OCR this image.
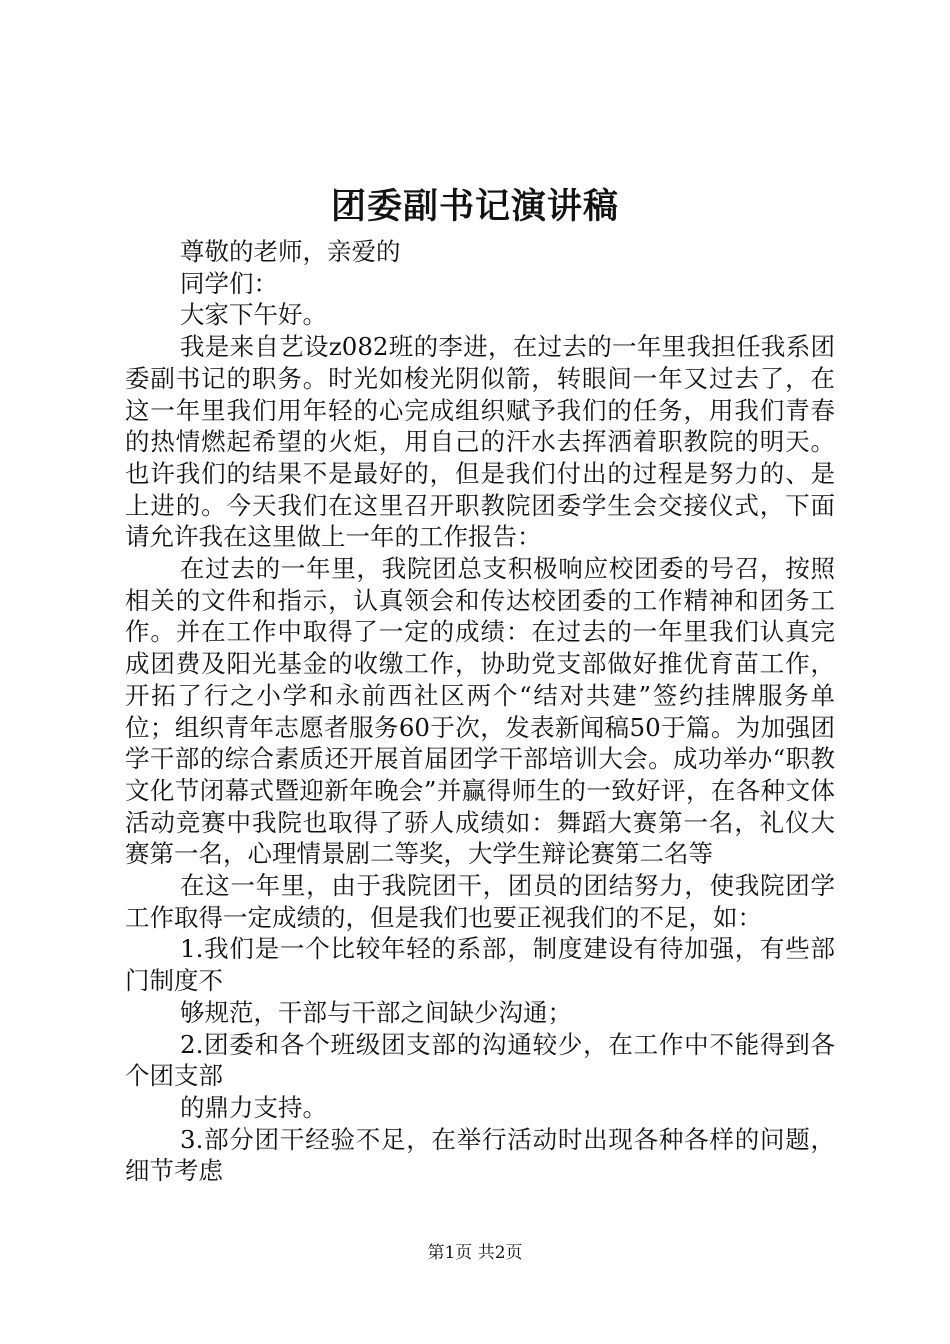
团委副书记演讲稿

尊敬的老师，亲爱的

同学们：

大家下午好。

我是来自艺设z082班的李进，在过去的一年里我担任我系团委副书记的职务。时光如梭光阴似箭，转眼间一年又过去了，在这一年里我们用年轻的心完成组织赋予我们的任务，用我们青春的热情燃起希望的火炬，用自己的汗水去挥洒着职教院的明天。也许我们的结果不是最好的，但是我们付出的过程是努力的、是上进的。今天我们在这里召开职教院团委学生会交接仪式，下面请允许我在这里做上一年的工作报告：

在过去的一年里，我院团总支积极响应校团委的号召，按照相关的文件和指示，认真领会和传达校团委的工作精神和团务工作。并在工作中取得了一定的成绩：在过去的一年里我们认真完成团费及阳光基金的收缴工作，协助党支部做好推优育苗工作，开拓了行之小学和永前西社区两个“结对共建”签约挂牌服务单位；组织青年志愿者服务60于次，发表新闻稿50于篇。为加强团学干部的综合素质还开展首届团学干部培训大会。成功举办“职教文化节闭幕式暨迎新年晚会”并赢得师生的一致好评，在各种文体活动竞赛中我院也取得了骄人成绩如：舞蹈大赛第一名，礼仪大赛第一名，心理情景剧二等奖，大学生辩论赛第二名等

在这一年里，由于我院团干，团员的团结努力，使我院团学工作取得一定成绩的，但是我们也要正视我们的不足，如：

1.我们是一个比较年轻的系部，制度建设有待加强，有些部门制度不

够规范，干部与干部之间缺少沟通；

2.团委和各个班级团支部的沟通较少，在工作中不能得到各个团支部

的鼎力支持。

3.部分团干经验不足，在举行活动时出现各种各样的问题，细节考虑

第1页 共2页
